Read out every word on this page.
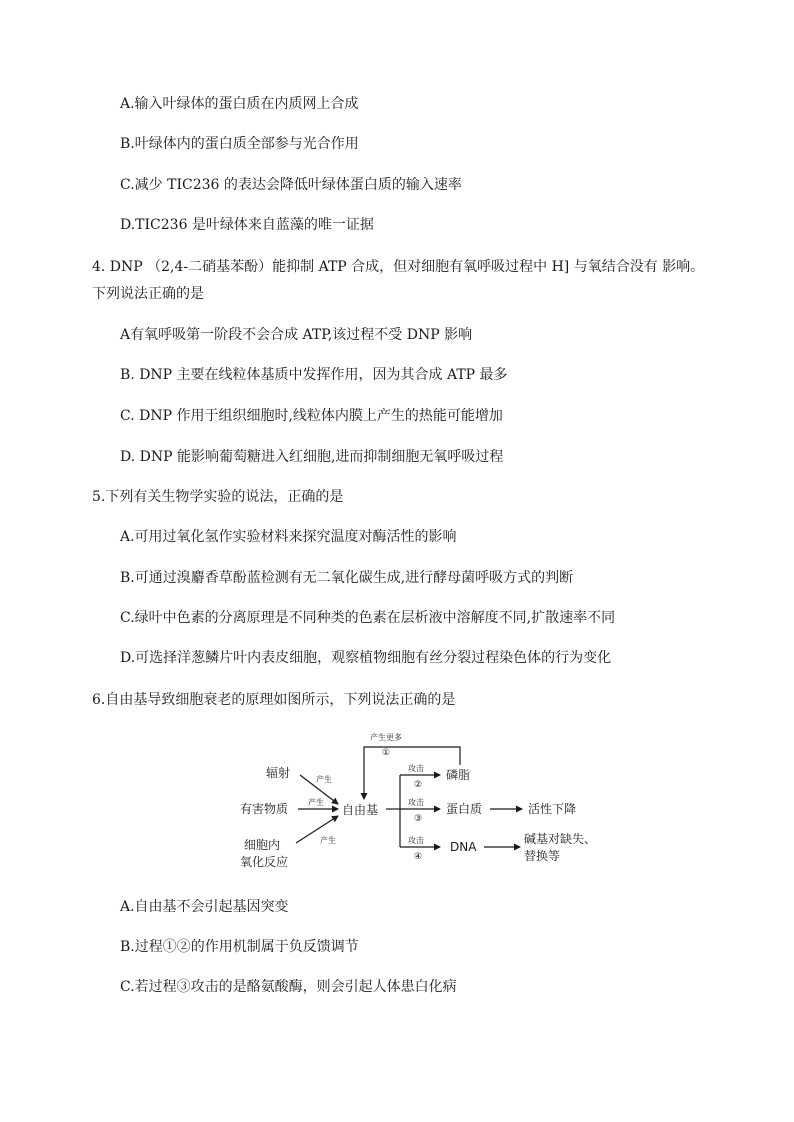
A.输入叶绿体的蛋白质在内质网上合成
B.叶绿体内的蛋白质全部参与光合作用
C.减少 TIC236 的表达会降低叶绿体蛋白质的输入速率
D.TIC236 是叶绿体来自蓝藻的唯一证据
4. DNP （2,4-二硝基苯酚）能抑制 ATP 合成，但对细胞有氧呼吸过程中 H] 与氧结合没有 影响。
下列说法正确的是
A有氧呼吸第一阶段不会合成 ATP,该过程不受 DNP 影响
B. DNP 主要在线粒体基质中发挥作用，因为其合成 ATP 最多
C. DNP 作用于组织细胞时,线粒体内膜上产生的热能可能增加
D. DNP 能影响葡萄糖进入红细胞,进而抑制细胞无氧呼吸过程
5.下列有关生物学实验的说法，正确的是
A.可用过氧化氢作实验材料来探究温度对酶活性的影响
B.可通过溴麝香草酚蓝检测有无二氧化碳生成,进行酵母菌呼吸方式的判断
C.绿叶中色素的分离原理是不同种类的色素在层析液中溶解度不同,扩散速率不同
D.可选择洋葱鳞片叶内表皮细胞，观察植物细胞有丝分裂过程染色体的行为变化
6.自由基导致细胞衰老的原理如图所示，下列说法正确的是
辐射
有害物质
细胞内
氧化反应
产生
产生
产生
自由基
产生更多
①
攻击
②
攻击
③
攻击
④
磷脂
蛋白质
DNA
活性下降
碱基对缺失、
替换等
A.自由基不会引起基因突变
B.过程①②的作用机制属于负反馈调节
C.若过程③攻击的是酪氨酸酶，则会引起人体患白化病
